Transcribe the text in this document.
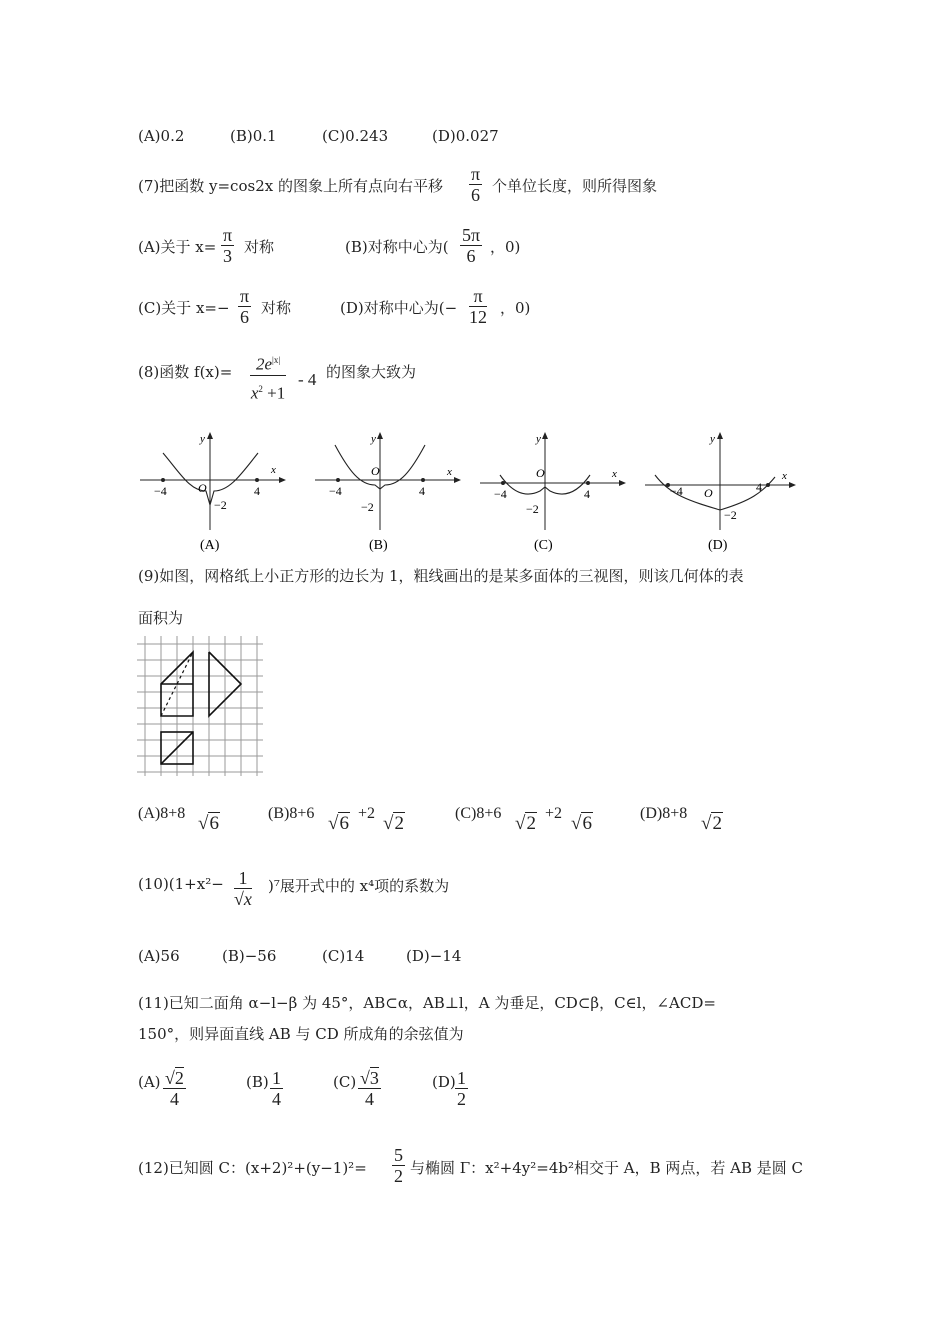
(A)0.2	(B)0.1	(C)0.243	(D)0.027
(7)把函数 y=cos2x 的图象上所有点向右平移 $\frac{\pi}{6}$ 个单位长度，则所得图象
(A)关于 $x= \frac{\pi}{3}$ 对称	(B)对称中心为( $\frac{5\pi}{6}$ ，0)
(C)关于 $x=- \frac{\pi}{6}$ 对称	(D)对称中心为(− $\frac{\pi}{12}$ ，0)
(8)函数 $f(x)= \frac{2e^{|x|}}{x^2 +1} - 4$ 的图象大致为
y
x
O
−4	4
−2
(A)
y
x
O
−4	4
−2
(B)
y
x
O
−4	4
−2
(C)
y
x
O
−4	4
−2
(D)
(9)如图，网格纸上小正方形的边长为 1，粗线画出的是某多面体的三视图，则该几何体的表
面积为
(A)8+8 √6	(B)8+6 √6 +2 √2	(C)8+6 √2 +2 √6	(D)8+8 √2
$(10)(1+x^2- \frac{1}{√x} )^7$展开式中的 x⁴项的系数为
(A)56	(B)−56	(C)14	(D)−14
(11)已知二面角 α−l−β 为 45°，AB⊂α，AB⊥l，A 为垂足，CD⊂β，C∈l，∠ACD=
150°，则异面直线 AB 与 CD 所成角的余弦值为
$(A) \frac{√2}{4}$	$(B) \frac{1}{4}$	$(C) \frac{√3}{4}$	$(D) \frac{1}{2}$
(12)已知圆 C：$(x+2)^2+(y-1)^2= \frac{5}{2}$ 与椭圆 Γ：x²+4y²=4b²相交于 A，B 两点，若 AB 是圆 C
